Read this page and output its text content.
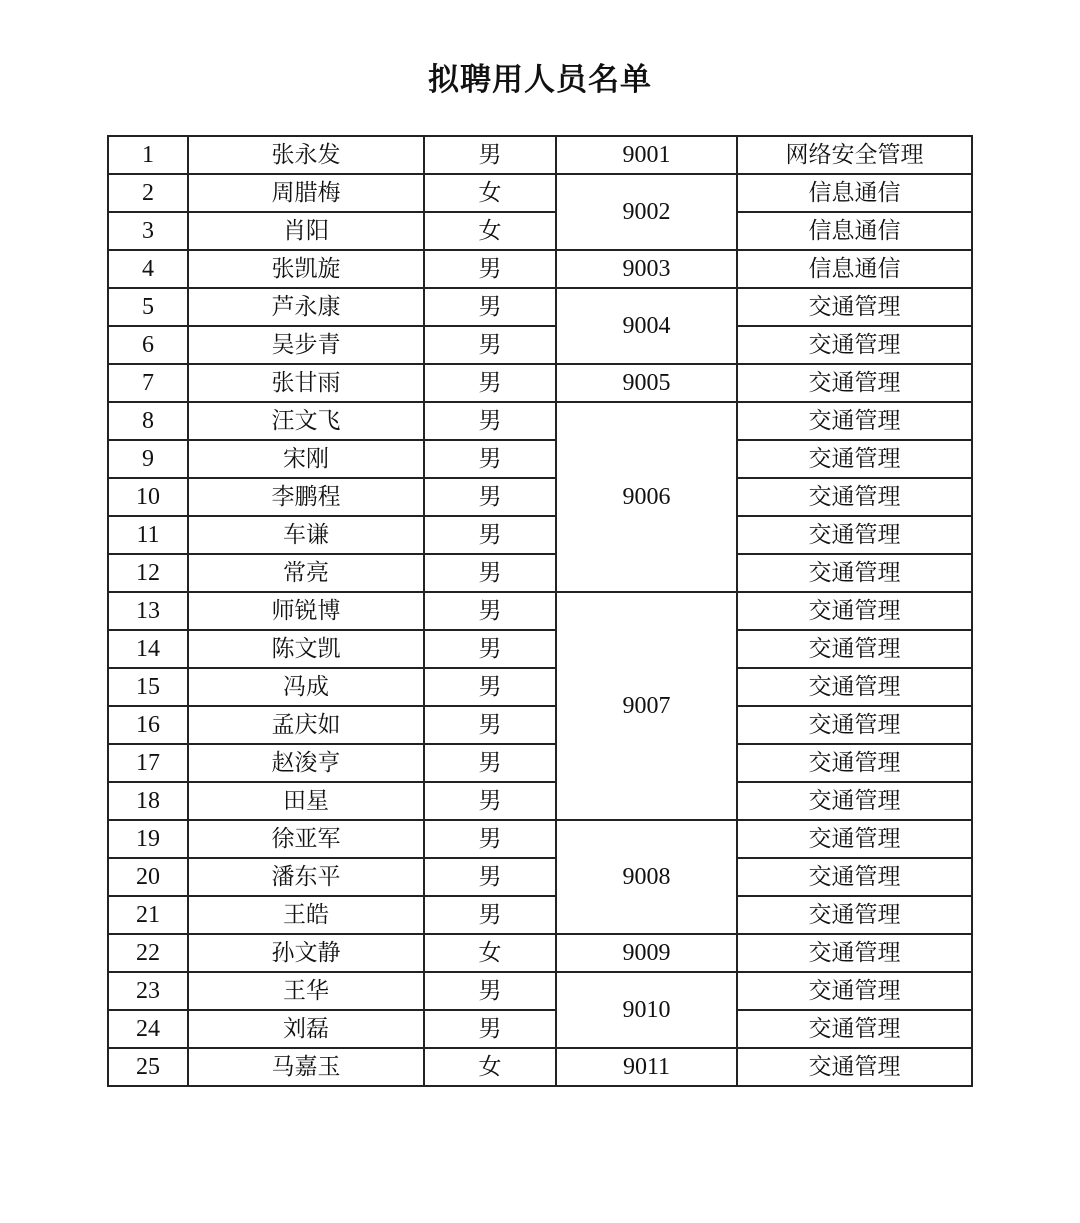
拟聘用人员名单
1	张永发	男	9001	网络安全管理
2	周腊梅	女	9002	信息通信
3	肖阳	女		信息通信
4	张凯旋	男	9003	信息通信
5	芦永康	男	9004	交通管理
6	吴步青	男		交通管理
7	张甘雨	男	9005	交通管理
8	汪文飞	男	9006	交通管理
9	宋刚	男		交通管理
10	李鹏程	男		交通管理
11	车谦	男		交通管理
12	常亮	男		交通管理
13	师锐博	男	9007	交通管理
14	陈文凯	男		交通管理
15	冯成	男		交通管理
16	孟庆如	男		交通管理
17	赵浚亨	男		交通管理
18	田星	男		交通管理
19	徐亚军	男	9008	交通管理
20	潘东平	男		交通管理
21	王皓	男		交通管理
22	孙文静	女	9009	交通管理
23	王华	男	9010	交通管理
24	刘磊	男		交通管理
25	马嘉玉	女	9011	交通管理
